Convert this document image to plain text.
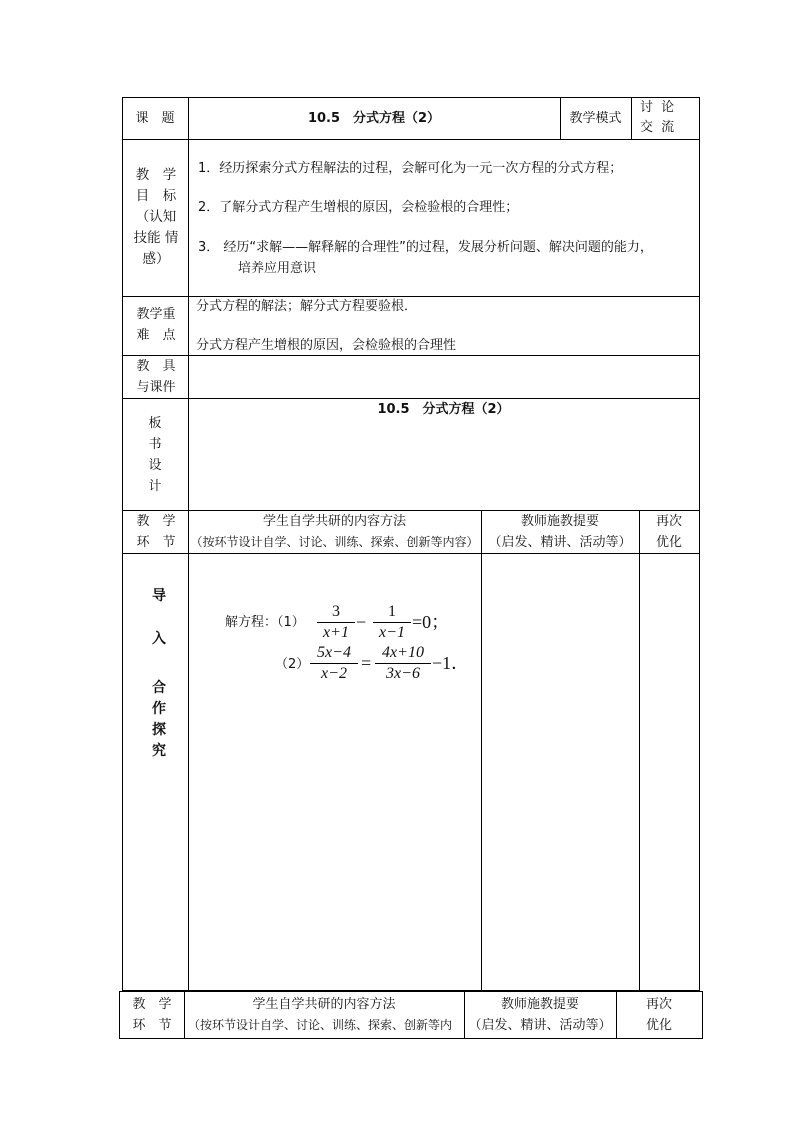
课　题	10.5　分式方程（2）	教学模式
讨 论 交 流
教　学 目　标 （认知 技能 情感）
1．经历探索分式方程解法的过程，会解可化为一元一次方程的分式方程；
2．了解分式方程产生增根的原因，会检验根的合理性；
3． 经历“求解——解释解的合理性”的过程，发展分析问题、解决问题的能力，
培养应用意识
教学重 难　点
分式方程的解法；解分式方程要验根．
分式方程产生增根的原因，会检验根的合理性
教　具 与课件
板 书 设 计
10.5　分式方程（2）
教　学 环　节
学生自学共研的内容方法
（按环节设计自学、讨论、训练、探索、创新等内容）
教师施教提要
（启发、精讲、活动等）
再次 优化
导 入
合 作 探 究
解方程：（1）
3
x+1
−
1
x−1
=0；
（2）
5x−4
x−2
=
4x+10
3x−6
−1．
教　学 环　节
学生自学共研的内容方法
（按环节设计自学、讨论、训练、探索、创新等内
教师施教提要
（启发、精讲、活动等）
再次 优化
